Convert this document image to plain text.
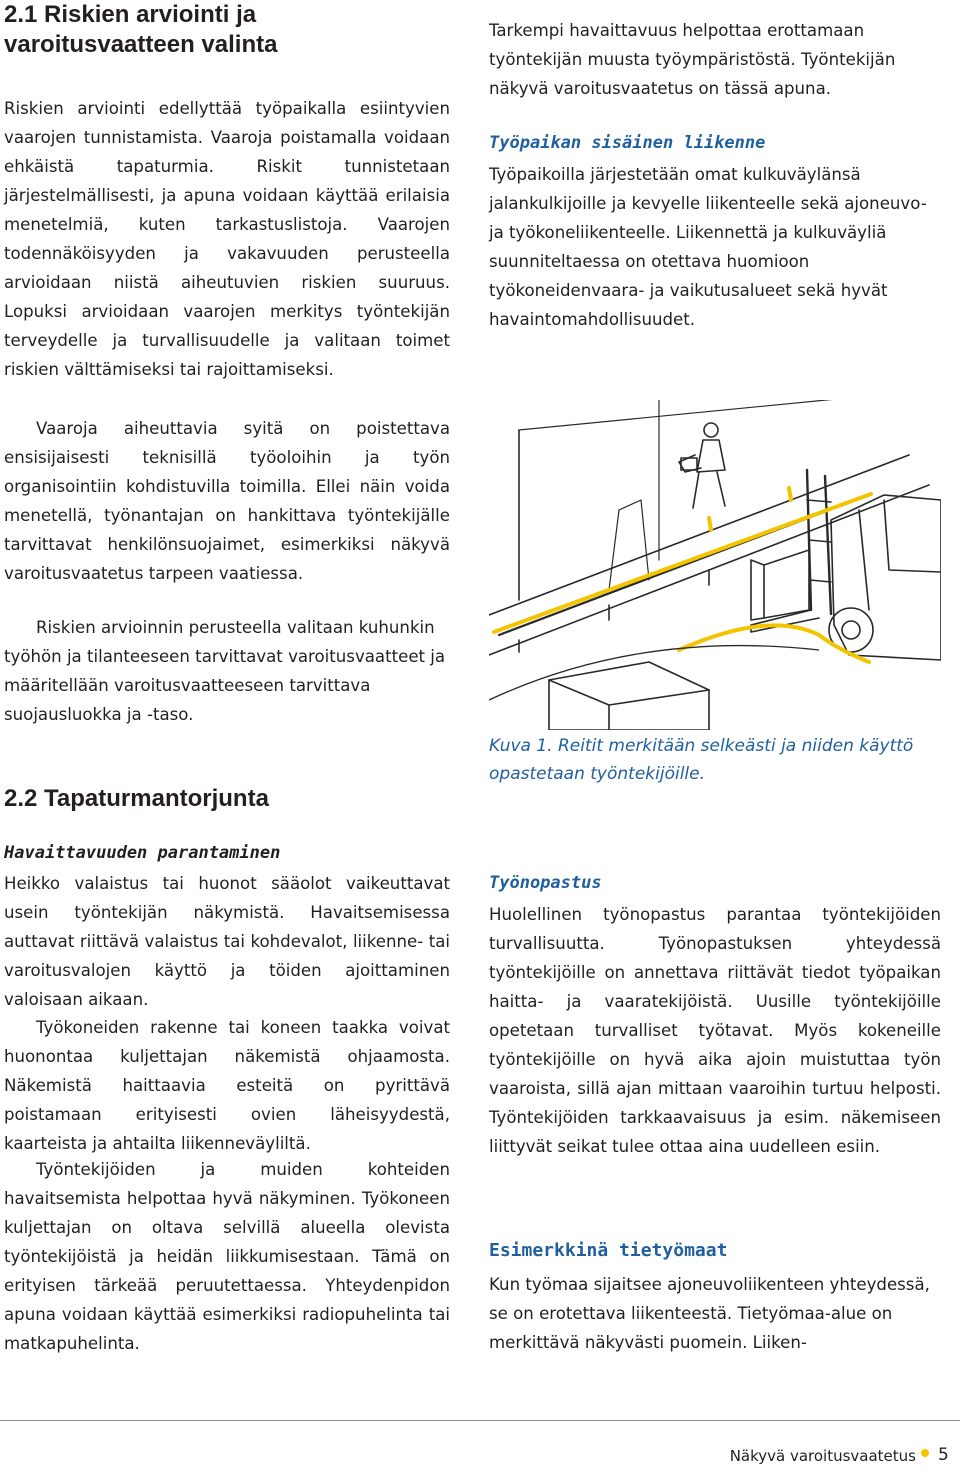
2.1 Riskien arviointi ja varoitusvaatteen valinta
Riskien arviointi edellyttää työpaikalla esiintyvien vaarojen tunnistamista. Vaaroja poistamalla voidaan ehkäistä tapaturmia. Riskit tunnistetaan järjestelmällisesti, ja apuna voidaan käyttää erilaisia menetelmiä, kuten tarkastuslistoja. Vaarojen todennäköisyyden ja vakavuuden perusteella arvioidaan niistä aiheutuvien riskien suuruus. Lopuksi arvioidaan vaarojen merkitys työntekijän terveydelle ja turvallisuudelle ja valitaan toimet riskien välttämiseksi tai rajoittamiseksi.
Vaaroja aiheuttavia syitä on poistettava ensisijaisesti teknisillä työoloihin ja työn organisointiin kohdistuvilla toimilla. Ellei näin voida menetellä, työnantajan on hankittava työntekijälle tarvittavat henkilönsuojaimet, esimerkiksi näkyvä varoitusvaatetus tarpeen vaatiessa.
Riskien arvioinnin perusteella valitaan kuhunkin työhön ja tilanteeseen tarvittavat varoitusvaatteet ja määritellään varoitusvaatteeseen tarvittava suojausluokka ja -taso.
2.2 Tapaturmantorjunta
Havaittavuuden parantaminen
Heikko valaistus tai huonot sääolot vaikeuttavat usein työntekijän näkymistä. Havaitsemisessa auttavat riittävä valaistus tai kohdevalot, liikenne- tai varoitusvalojen käyttö ja töiden ajoittaminen valoisaan aikaan.
Työkoneiden rakenne tai koneen taakka voivat huonontaa kuljettajan näkemistä ohjaamosta. Näkemistä haittaavia esteitä on pyrittävä poistamaan erityisesti ovien läheisyydestä, kaarteista ja ahtailta liikenneväyliltä.
Työntekijöiden ja muiden kohteiden havaitsemista helpottaa hyvä näkyminen. Työkoneen kuljettajan on oltava selvillä alueella olevista työntekijöistä ja heidän liikkumisestaan. Tämä on erityisen tärkeää peruutettaessa. Yhteydenpidon apuna voidaan käyttää esimerkiksi radiopuhelinta tai matkapuhelinta.
Tarkempi havaittavuus helpottaa erottamaan työntekijän muusta työympäristöstä. Työntekijän näkyvä varoitusvaatetus on tässä apuna.
Työpaikan sisäinen liikenne
Työpaikoilla järjestetään omat kulkuväylänsä jalankulkijoille ja kevyelle liikenteelle sekä ajoneuvo- ja työkoneliikenteelle. Liikennettä ja kulkuväyliä suunniteltaessa on otettava huomioon työkoneidenvaara- ja vaikutusalueet sekä hyvät havaintomahdollisuudet.
Kuva 1. Reitit merkitään selkeästi ja niiden käyttö opastetaan työntekijöille.
Työnopastus
Huolellinen työnopastus parantaa työntekijöiden turvallisuutta. Työnopastuksen yhteydessä työntekijöille on annettava riittävät tiedot työpaikan haitta- ja vaaratekijöistä. Uusille työntekijöille opetetaan turvalliset työtavat. Myös kokeneille työntekijöille on hyvä aika ajoin muistuttaa työn vaaroista, sillä ajan mittaan vaaroihin turtuu helposti. Työntekijöiden tarkkaavaisuus ja esim. näkemiseen liittyvät seikat tulee ottaa aina uudelleen esiin.
Esimerkkinä tietyömaat
Kun työmaa sijaitsee ajoneuvoliikenteen yhteydessä, se on erotettava liikenteestä. Tietyömaa-alue on merkittävä näkyvästi puomein. Liiken-
Näkyvä varoitusvaatetus 5
